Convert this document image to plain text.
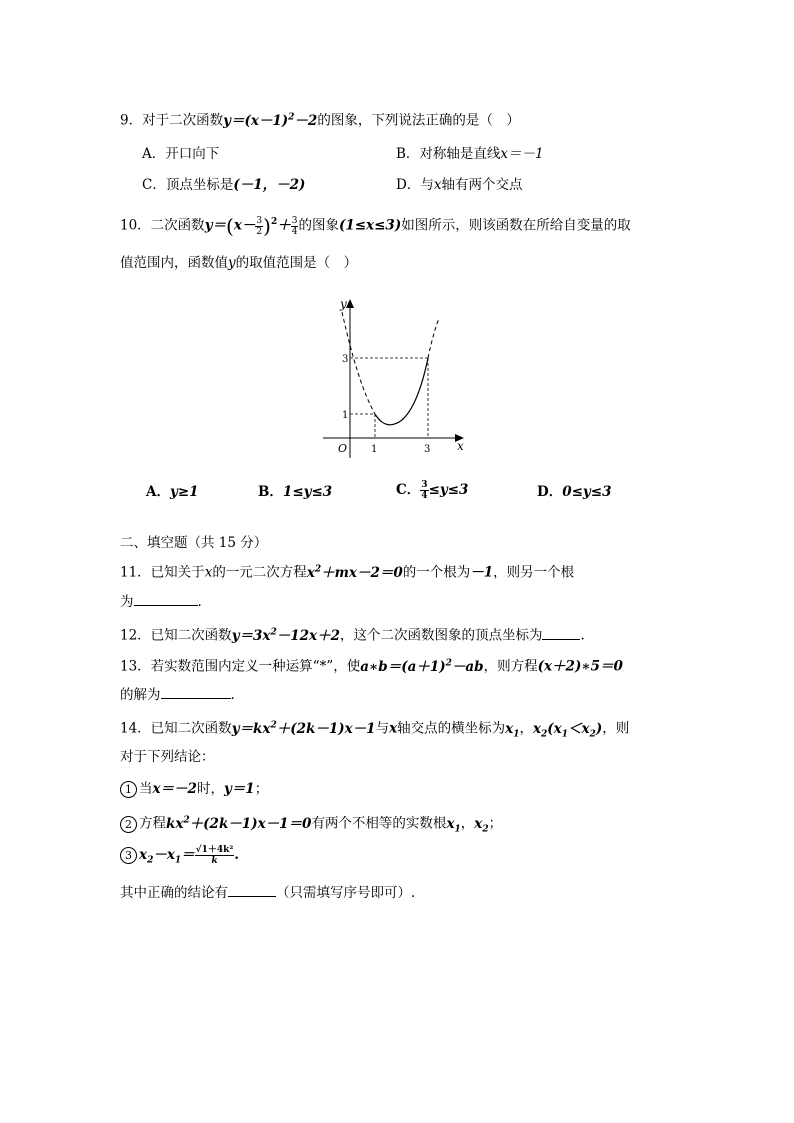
9．对于二次函数$y=(x-1)^2-2$的图象，下列说法正确的是（　）
A．开口向下	B．对称轴是直线x＝－1
C．顶点坐标是(－1，－2)	D．与x轴有两个交点
10．二次函数$y=(x- \frac{3}{2} )^2+ \frac{3}{4}$ 的图象(1≤x≤3)如图所示，则该函数在所给自变量的取
值范围内，函数值y的取值范围是（　）
y
x
O 1	3
1
3
A．y≥1	B．1≤y≤3	C． $\frac{3}{4} \le y\le 3$	D．0≤y≤3
二、填空题（共 15 分）
11．已知关于x的一元二次方程$x^2+mx-2=0$的一个根为－1，则另一个根
为	.
12．已知二次函数$y=3x^2-12x+2$，这个二次函数图象的顶点坐标为	.
13．若实数范围内定义一种运算“*”，使$a∗b=(a+1)^2-ab$，则方程(x＋2)∗5＝0
的解为	.
14．已知二次函数$y=kx^2+(2k-1)x-1$与x轴交点的横坐标为$x_1$，$x_2(x_1<x_2)$，则
对于下列结论：
1 当x＝－2时，y＝1；
2 方程$kx^2+(2k-1)x-1=0$有两个不相等的实数根$x_1$，$x_2$；
3 $x_2-x_1= \frac{\text{√1＋4k²}}{k}$ .
其中正确的结论有	（只需填写序号即可）.
